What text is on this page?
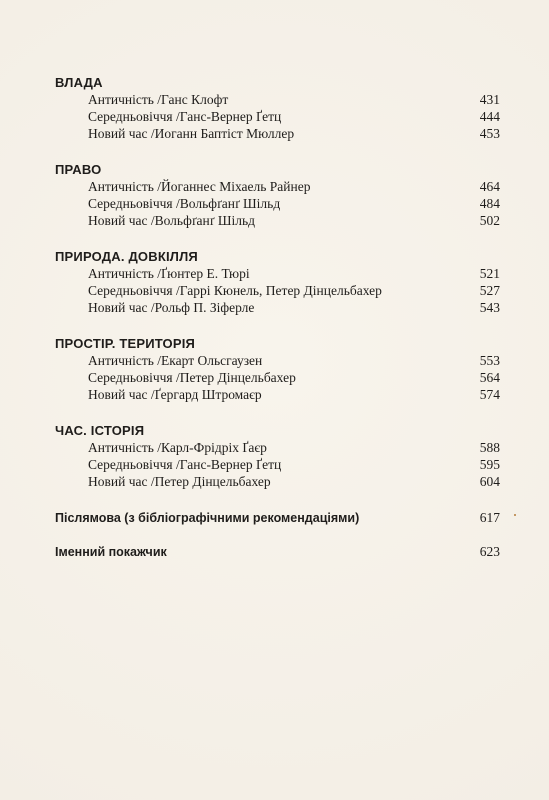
ВЛАДА
Античність /Ганс Клофт	431
Середньовіччя /Ганс-Вернер Ґетц	444
Новий час /Иоганн Баптіст Мюллер	453
ПРАВО
Античність /Йоганнес Міхаель Райнер	464
Середньовіччя /Вольфґанґ Шільд	484
Новий час /Вольфґанґ Шільд	502
ПРИРОДА. ДОВКІЛЛЯ
Античність /Ґюнтер Е. Тюрі	521
Середньовіччя /Гаррі Кюнель, Петер Дінцельбахер	527
Новий час /Рольф П. Зіферле	543
ПРОСТІР. ТЕРИТОРІЯ
Античність /Екарт Ольсгаузен	553
Середньовіччя /Петер Дінцельбахер	564
Новий час /Ґергард Штромаєр	574
ЧАС. ІСТОРІЯ
Античність /Карл-Фрідріх Ґаєр	588
Середньовіччя /Ганс-Вернер Ґетц	595
Новий час /Петер Дінцельбахер	604
Післямова (з бібліографічними рекомендаціями)	617
Іменний покажчик	623
